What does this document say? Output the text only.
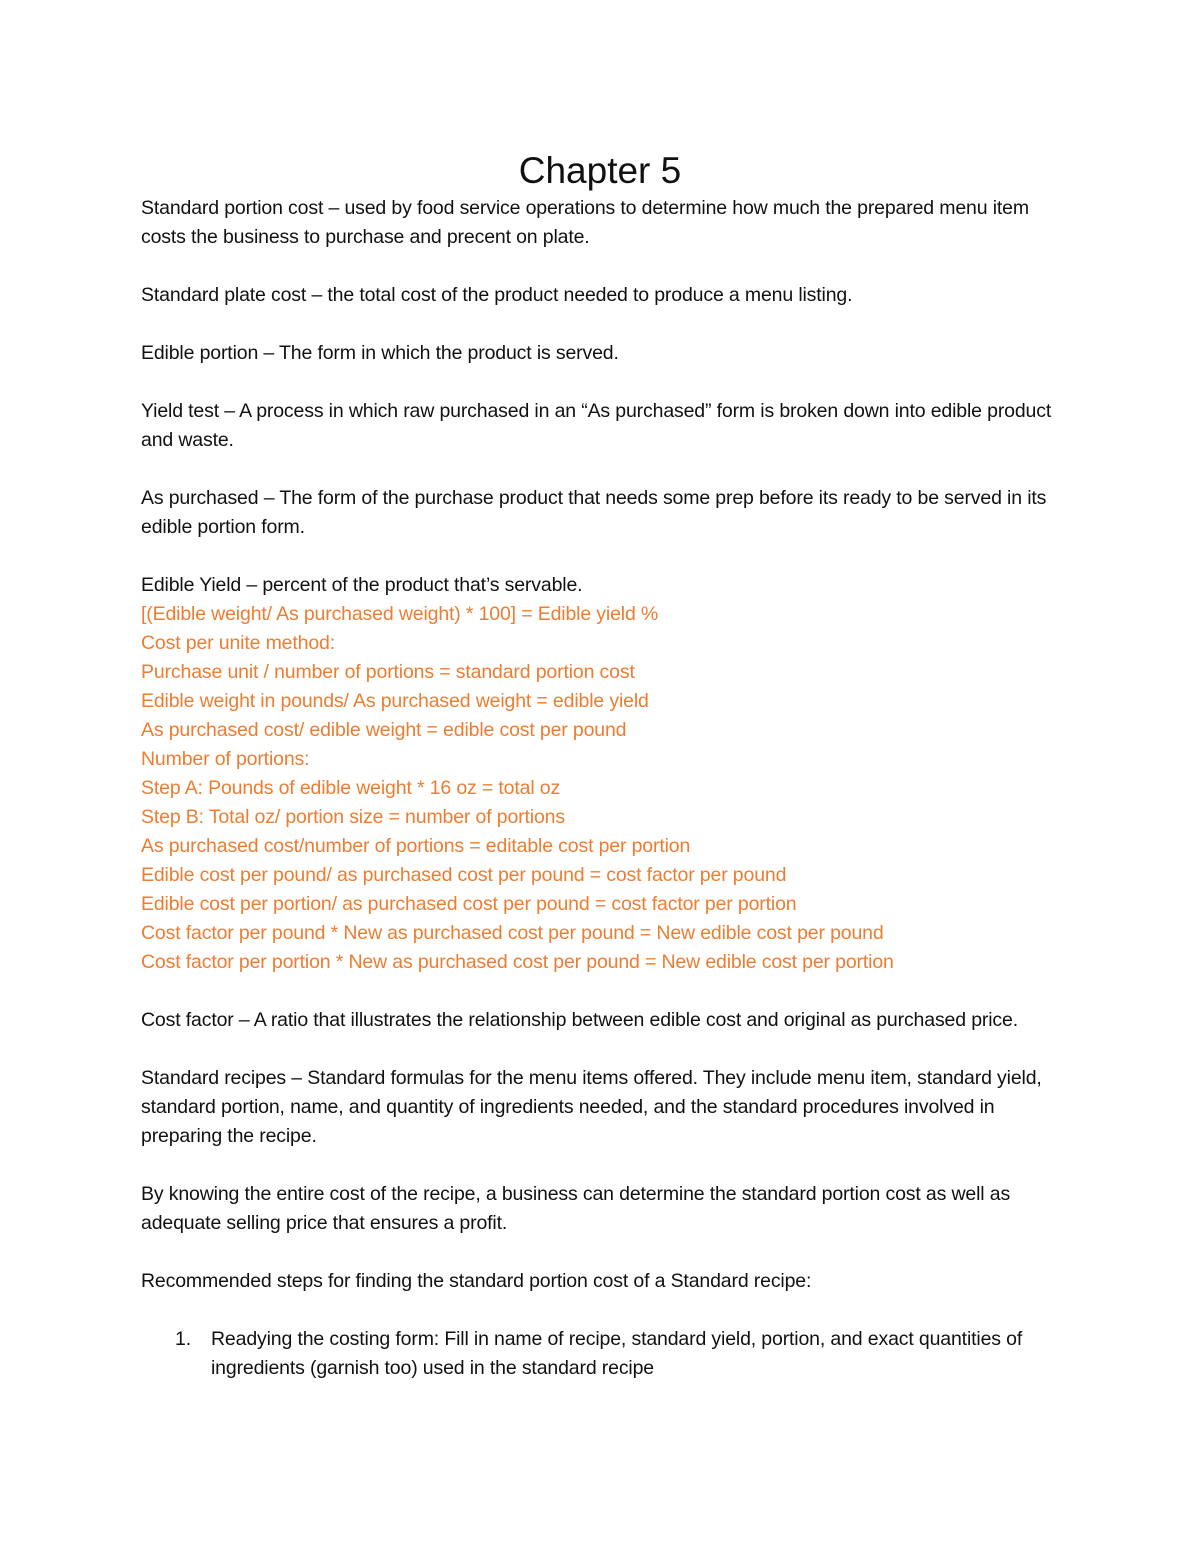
Chapter 5

Standard portion cost – used by food service operations to determine how much the prepared menu item costs the business to purchase and precent on plate.

Standard plate cost – the total cost of the product needed to produce a menu listing.

Edible portion – The form in which the product is served.

Yield test – A process in which raw purchased in an “As purchased” form is broken down into edible product and waste.

As purchased – The form of the purchase product that needs some prep before its ready to be served in its edible portion form.

Edible Yield – percent of the product that’s servable.

[(Edible weight/ As purchased weight) * 100] = Edible yield %

Cost per unite method:

Purchase unit / number of portions = standard portion cost

Edible weight in pounds/ As purchased weight = edible yield

As purchased cost/ edible weight = edible cost per pound

Number of portions:

Step A: Pounds of edible weight * 16 oz = total oz

Step B: Total oz/ portion size = number of portions

As purchased cost/number of portions = editable cost per portion

Edible cost per pound/ as purchased cost per pound = cost factor per pound

Edible cost per portion/ as purchased cost per pound = cost factor per portion

Cost factor per pound * New as purchased cost per pound = New edible cost per pound

Cost factor per portion * New as purchased cost per pound = New edible cost per portion

Cost factor – A ratio that illustrates the relationship between edible cost and original as purchased price.

Standard recipes – Standard formulas for the menu items offered. They include menu item, standard yield, standard portion, name, and quantity of ingredients needed, and the standard procedures involved in preparing the recipe.

By knowing the entire cost of the recipe, a business can determine the standard portion cost as well as adequate selling price that ensures a profit.

Recommended steps for finding the standard portion cost of a Standard recipe:

1. Readying the costing form: Fill in name of recipe, standard yield, portion, and exact quantities of ingredients (garnish too) used in the standard recipe
